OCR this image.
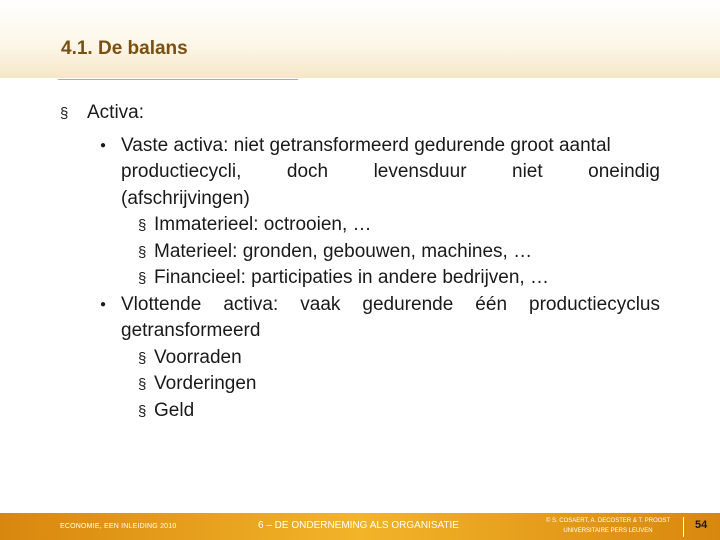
4.1. De balans
§ Activa:
● Vaste activa: niet getransformeerd gedurende groot aantal
productiecycli, doch levensduur niet oneindig
(afschrijvingen)
§ Immaterieel: octrooien, …
§ Materieel: gronden, gebouwen, machines, …
§ Financieel: participaties in andere bedrijven, …
● Vlottende activa: vaak gedurende één productiecyclus
getransformeerd
§ Voorraden
§ Vorderingen
§ Geld
ECONOMIE, EEN INLEIDING 2010	6 – DE ONDERNEMING ALS ORGANISATIE	© S. COSAERT, A. DECOSTER & T. PROOST
UNIVERSITAIRE PERS LEUVEN	54
